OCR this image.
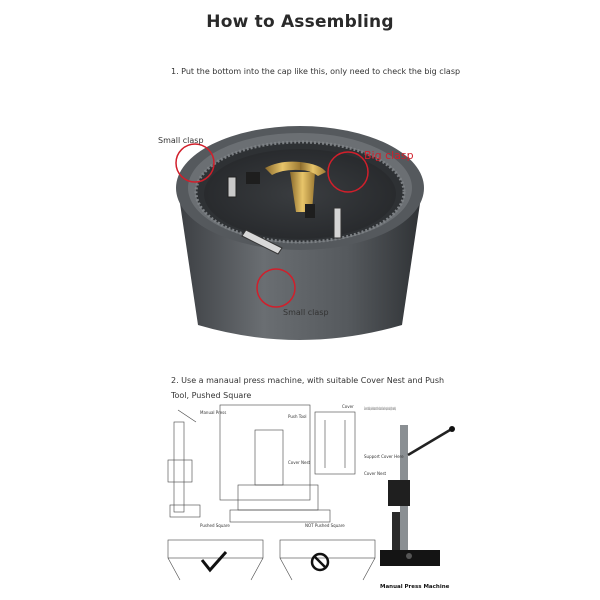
How to Assembling
1. Put the bottom into the cap like this, only need to check the big clasp
Small clasp
Big clasp
Small clasp
2. Use a manaual press machine, with suitable Cover Nest and Push Tool, Pushed Square
Manual Press
Push Tool
Cover Nest
Cover
Support Cover Here
Cover Nest
Cover nest should provide clearance to the surface to allow for expansion during the assembly.
Pushed Square	NOT Pushed Square
Manual Press Machine
